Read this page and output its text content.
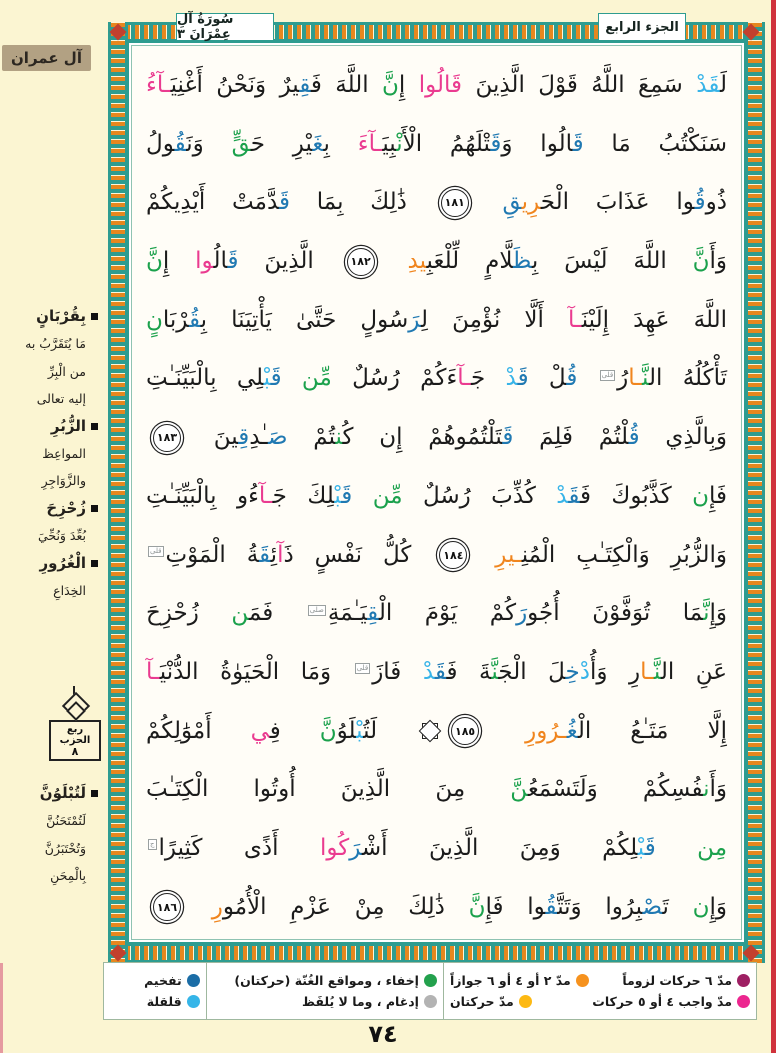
سُورَةُ آلِ عِمْرَانَ ٣	الجزء الرابع
آل عمران
لَقَدْ سَمِعَ اللَّهُ قَوْلَ الَّذِينَ قَالُوا إِنَّ اللَّهَ فَقِيرٌ وَنَحْنُ أَغْنِيَـآءُ
سَنَكْتُبُ مَا قَالُوا وَقَتْلَهُمُ الْأَنْبِيَـآءَ بِغَيْرِ حَقٍّ وَنَقُولُ
ذُوقُوا عَذَابَ الْحَرِيقِ ١٨١ ذَٰلِكَ بِمَا قَدَّمَتْ أَيْدِيكُمْ
وَأَنَّ اللَّهَ لَيْسَ بِظَلَّامٍ لِّلْعَبِيدِ ١٨٢ الَّذِينَ قَالُوا إِنَّ
اللَّهَ عَهِدَ إِلَيْنَـآ أَلَّا نُؤْمِنَ لِرَسُولٍ حَتَّىٰ يَأْتِيَنَا بِقُرْبَانٍ
تَأْكُلُهُ النَّـارُقلى قُلْ قَدْ جَـآءَكُمْ رُسُلٌ مِّن قَبْلِي بِالْبَيِّنَـٰتِ
وَبِالَّذِي قُلْتُمْ فَلِمَ قَتَلْتُمُوهُمْ إِن كُنتُمْ صَـٰدِقِينَ ١٨٣
فَإِن كَذَّبُوكَ فَقَدْ كُذِّبَ رُسُلٌ مِّن قَبْلِكَ جَـآءُو بِالْبَيِّنَـٰتِ
وَالزُّبُرِ وَالْكِتَـٰبِ الْمُنِـيرِ ١٨٤ كُلُّ نَفْسٍ ذَآئِقَةُ الْمَوْتِقلى
وَإِنَّمَا تُوَفَّوْنَ أُجُورَكُمْ يَوْمَ الْقِيَـٰمَةِصلى فَمَن زُحْزِحَ
عَنِ النَّـارِ وَأُدْخِلَ الْجَنَّةَ فَقَدْ فَازَقلى وَمَا الْحَيَوٰةُ الدُّنْيَـآ
إِلَّا مَتَـٰعُ الْغُـرُورِ ١٨٥ لَتُبْلَوُنَّ فِي أَمْوَٰلِكُمْ
وَأَنفُسِكُمْ وَلَتَسْمَعُنَّ مِنَ الَّذِينَ أُوتُوا الْكِتَـٰبَ
مِن قَبْلِكُمْ وَمِنَ الَّذِينَ أَشْرَكُوا أَذًى كَثِيرًاج
وَإِن تَصْبِرُوا وَتَتَّقُوا فَإِنَّ ذَٰلِكَ مِنْ عَزْمِ الْأُمُورِ ١٨٦
بِقُرْبَانٍ
مَا يُتَقَرَّبُ به
من الْبِرِّ
إليه تعالى
الزُّبُرِ
المواعِظ
والزَّوَاجِرِ
زُحْزِحَ
بُعِّدَ وَنُحِّيَ
الْغُرُورِ
الخِدَاعِ
ربع
الحزب
٨
لَتُبْلَوُنَّ
لَتُمْتَحَنُنَّ
وَتُخْتَبَرُنَّ
بِالْمِحَنِ
تفخيم
قلقلة
إخفاء ، ومواقع الغُنّة (حركتان)
إدغام ، وما لا يُلفَظ
مدّ ٦ حركات لزوماً
مدّ ٢ أو ٤ أو ٦ جوازاً
مدّ واجب ٤ أو ٥ حركات
مدّ حركتان
٧٤
